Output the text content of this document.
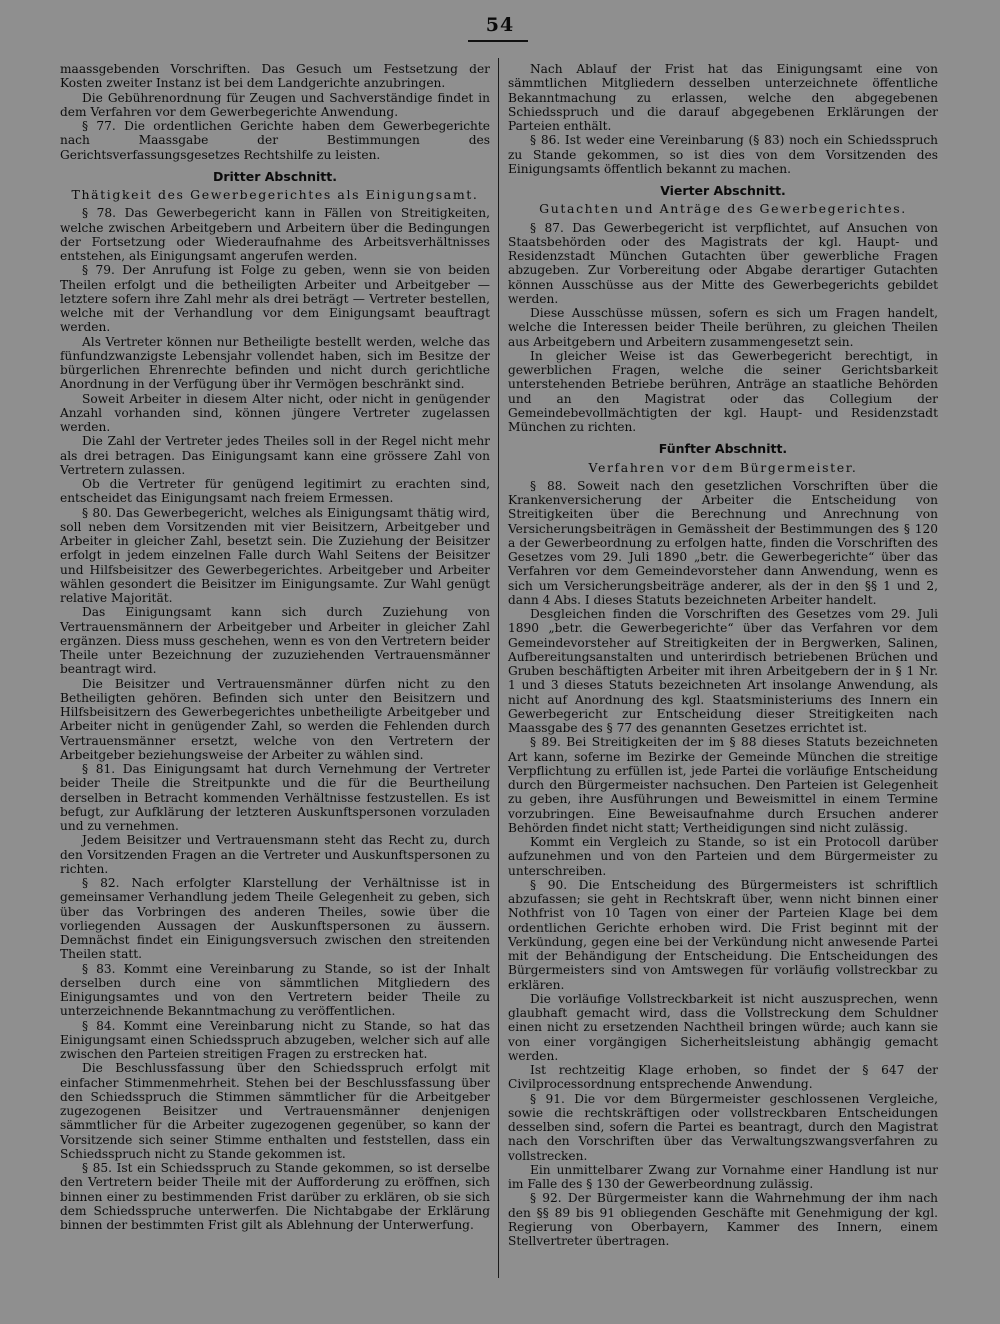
54

maassgebenden Vorschriften. Das Gesuch um Festsetzung der Kosten zweiter Instanz ist bei dem Landgerichte anzubringen.

Die Gebührenordnung für Zeugen und Sachverständige findet in dem Verfahren vor dem Gewerbegerichte Anwendung.

§ 77. Die ordentlichen Gerichte haben dem Gewerbegerichte nach Maassgabe der Bestimmungen des Gerichtsverfassungsgesetzes Rechtshilfe zu leisten.

Dritter Abschnitt.
Thätigkeit des Gewerbegerichtes als Einigungsamt.

§ 78. Das Gewerbegericht kann in Fällen von Streitigkeiten, welche zwischen Arbeitgebern und Arbeitern über die Bedingungen der Fortsetzung oder Wiederaufnahme des Arbeitsverhältnisses entstehen, als Einigungsamt angerufen werden.

§ 79. Der Anrufung ist Folge zu geben, wenn sie von beiden Theilen erfolgt und die betheiligten Arbeiter und Arbeitgeber — letztere sofern ihre Zahl mehr als drei beträgt — Vertreter bestellen, welche mit der Verhandlung vor dem Einigungsamt beauftragt werden.

Als Vertreter können nur Betheiligte bestellt werden, welche das fünfundzwanzigste Lebensjahr vollendet haben, sich im Besitze der bürgerlichen Ehrenrechte befinden und nicht durch gerichtliche Anordnung in der Verfügung über ihr Vermögen beschränkt sind.

Soweit Arbeiter in diesem Alter nicht, oder nicht in genügender Anzahl vorhanden sind, können jüngere Vertreter zugelassen werden.

Die Zahl der Vertreter jedes Theiles soll in der Regel nicht mehr als drei betragen. Das Einigungsamt kann eine grössere Zahl von Vertretern zulassen.

Ob die Vertreter für genügend legitimirt zu erachten sind, entscheidet das Einigungsamt nach freiem Ermessen.

§ 80. Das Gewerbegericht, welches als Einigungsamt thätig wird, soll neben dem Vorsitzenden mit vier Beisitzern, Arbeitgeber und Arbeiter in gleicher Zahl, besetzt sein. Die Zuziehung der Beisitzer erfolgt in jedem einzelnen Falle durch Wahl Seitens der Beisitzer und Hilfsbeisitzer des Gewerbegerichtes. Arbeitgeber und Arbeiter wählen gesondert die Beisitzer im Einigungsamte. Zur Wahl genügt relative Majorität.

Das Einigungsamt kann sich durch Zuziehung von Vertrauensmännern der Arbeitgeber und Arbeiter in gleicher Zahl ergänzen. Diess muss geschehen, wenn es von den Vertretern beider Theile unter Bezeichnung der zuzuziehenden Vertrauensmänner beantragt wird.

Die Beisitzer und Vertrauensmänner dürfen nicht zu den Betheiligten gehören. Befinden sich unter den Beisitzern und Hilfsbeisitzern des Gewerbegerichtes unbetheiligte Arbeitgeber und Arbeiter nicht in genügender Zahl, so werden die Fehlenden durch Vertrauensmänner ersetzt, welche von den Vertretern der Arbeitgeber beziehungsweise der Arbeiter zu wählen sind.

§ 81. Das Einigungsamt hat durch Vernehmung der Vertreter beider Theile die Streitpunkte und die für die Beurtheilung derselben in Betracht kommenden Verhältnisse festzustellen. Es ist befugt, zur Aufklärung der letzteren Auskunftspersonen vorzuladen und zu vernehmen.

Jedem Beisitzer und Vertrauensmann steht das Recht zu, durch den Vorsitzenden Fragen an die Vertreter und Auskunftspersonen zu richten.

§ 82. Nach erfolgter Klarstellung der Verhältnisse ist in gemeinsamer Verhandlung jedem Theile Gelegenheit zu geben, sich über das Vorbringen des anderen Theiles, sowie über die vorliegenden Aussagen der Auskunftspersonen zu äussern. Demnächst findet ein Einigungsversuch zwischen den streitenden Theilen statt.

§ 83. Kommt eine Vereinbarung zu Stande, so ist der Inhalt derselben durch eine von sämmtlichen Mitgliedern des Einigungsamtes und von den Vertretern beider Theile zu unterzeichnende Bekanntmachung zu veröffentlichen.

§ 84. Kommt eine Vereinbarung nicht zu Stande, so hat das Einigungsamt einen Schiedsspruch abzugeben, welcher sich auf alle zwischen den Parteien streitigen Fragen zu erstrecken hat.

Die Beschlussfassung über den Schiedsspruch erfolgt mit einfacher Stimmenmehrheit. Stehen bei der Beschlussfassung über den Schiedsspruch die Stimmen sämmtlicher für die Arbeitgeber zugezogenen Beisitzer und Vertrauensmänner denjenigen sämmtlicher für die Arbeiter zugezogenen gegenüber, so kann der Vorsitzende sich seiner Stimme enthalten und feststellen, dass ein Schiedsspruch nicht zu Stande gekommen ist.

§ 85. Ist ein Schiedsspruch zu Stande gekommen, so ist derselbe den Vertretern beider Theile mit der Aufforderung zu eröffnen, sich binnen einer zu bestimmenden Frist darüber zu erklären, ob sie sich dem Schiedsspruche unterwerfen. Die Nichtabgabe der Erklärung binnen der bestimmten Frist gilt als Ablehnung der Unterwerfung.

Nach Ablauf der Frist hat das Einigungsamt eine von sämmtlichen Mitgliedern desselben unterzeichnete öffentliche Bekanntmachung zu erlassen, welche den abgegebenen Schiedsspruch und die darauf abgegebenen Erklärungen der Parteien enthält.

§ 86. Ist weder eine Vereinbarung (§ 83) noch ein Schiedsspruch zu Stande gekommen, so ist dies von dem Vorsitzenden des Einigungsamts öffentlich bekannt zu machen.

Vierter Abschnitt.
Gutachten und Anträge des Gewerbegerichtes.

§ 87. Das Gewerbegericht ist verpflichtet, auf Ansuchen von Staatsbehörden oder des Magistrats der kgl. Haupt- und Residenzstadt München Gutachten über gewerbliche Fragen abzugeben. Zur Vorbereitung oder Abgabe derartiger Gutachten können Ausschüsse aus der Mitte des Gewerbegerichts gebildet werden.

Diese Ausschüsse müssen, sofern es sich um Fragen handelt, welche die Interessen beider Theile berühren, zu gleichen Theilen aus Arbeitgebern und Arbeitern zusammengesetzt sein.

In gleicher Weise ist das Gewerbegericht berechtigt, in gewerblichen Fragen, welche die seiner Gerichtsbarkeit unterstehenden Betriebe berühren, Anträge an staatliche Behörden und an den Magistrat oder das Collegium der Gemeindebevollmächtigten der kgl. Haupt- und Residenzstadt München zu richten.

Fünfter Abschnitt.
Verfahren vor dem Bürgermeister.

§ 88. Soweit nach den gesetzlichen Vorschriften über die Krankenversicherung der Arbeiter die Entscheidung von Streitigkeiten über die Berechnung und Anrechnung von Versicherungsbeiträgen in Gemässheit der Bestimmungen des § 120 a der Gewerbeordnung zu erfolgen hatte, finden die Vorschriften des Gesetzes vom 29. Juli 1890 „betr. die Gewerbegerichte“ über das Verfahren vor dem Gemeindevorsteher dann Anwendung, wenn es sich um Versicherungsbeiträge anderer, als der in den §§ 1 und 2, dann 4 Abs. I dieses Statuts bezeichneten Arbeiter handelt.

Desgleichen finden die Vorschriften des Gesetzes vom 29. Juli 1890 „betr. die Gewerbegerichte“ über das Verfahren vor dem Gemeindevorsteher auf Streitigkeiten der in Bergwerken, Salinen, Aufbereitungsanstalten und unterirdisch betriebenen Brüchen und Gruben beschäftigten Arbeiter mit ihren Arbeitgebern der in § 1 Nr. 1 und 3 dieses Statuts bezeichneten Art insolange Anwendung, als nicht auf Anordnung des kgl. Staatsministeriums des Innern ein Gewerbegericht zur Entscheidung dieser Streitigkeiten nach Maassgabe des § 77 des genannten Gesetzes errichtet ist.

§ 89. Bei Streitigkeiten der im § 88 dieses Statuts bezeichneten Art kann, soferne im Bezirke der Gemeinde München die streitige Verpflichtung zu erfüllen ist, jede Partei die vorläufige Entscheidung durch den Bürgermeister nachsuchen. Den Parteien ist Gelegenheit zu geben, ihre Ausführungen und Beweismittel in einem Termine vorzubringen. Eine Beweisaufnahme durch Ersuchen anderer Behörden findet nicht statt; Vertheidigungen sind nicht zulässig.

Kommt ein Vergleich zu Stande, so ist ein Protocoll darüber aufzunehmen und von den Parteien und dem Bürgermeister zu unterschreiben.

§ 90. Die Entscheidung des Bürgermeisters ist schriftlich abzufassen; sie geht in Rechtskraft über, wenn nicht binnen einer Nothfrist von 10 Tagen von einer der Parteien Klage bei dem ordentlichen Gerichte erhoben wird. Die Frist beginnt mit der Verkündung, gegen eine bei der Verkündung nicht anwesende Partei mit der Behändigung der Entscheidung. Die Entscheidungen des Bürgermeisters sind von Amtswegen für vorläufig vollstreckbar zu erklären.

Die vorläufige Vollstreckbarkeit ist nicht auszusprechen, wenn glaubhaft gemacht wird, dass die Vollstreckung dem Schuldner einen nicht zu ersetzenden Nachtheil bringen würde; auch kann sie von einer vorgängigen Sicherheitsleistung abhängig gemacht werden.

Ist rechtzeitig Klage erhoben, so findet der § 647 der Civilprocessordnung entsprechende Anwendung.

§ 91. Die vor dem Bürgermeister geschlossenen Vergleiche, sowie die rechtskräftigen oder vollstreckbaren Entscheidungen desselben sind, sofern die Partei es beantragt, durch den Magistrat nach den Vorschriften über das Verwaltungszwangsverfahren zu vollstrecken.

Ein unmittelbarer Zwang zur Vornahme einer Handlung ist nur im Falle des § 130 der Gewerbeordnung zulässig.

§ 92. Der Bürgermeister kann die Wahrnehmung der ihm nach den §§ 89 bis 91 obliegenden Geschäfte mit Genehmigung der kgl. Regierung von Oberbayern, Kammer des Innern, einem Stellvertreter übertragen.
